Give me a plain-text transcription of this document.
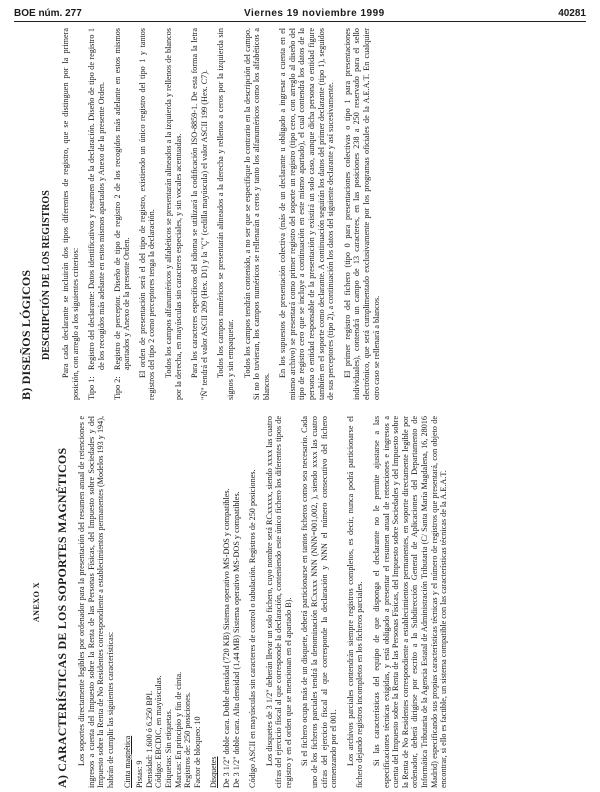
BOE núm. 277	Viernes 19 noviembre 1999	40281
ANEXO X A) CARACTERÍSTICAS DE LOS SOPORTES MAGNÉTICOS Los soportes directamente legibles por ordenador para la presentación del resumen anual de retenciones e ingresos a cuenta del Impuesto sobre la Renta de las Personas Físicas, del Impuesto sobre Sociedades y del Impuesto sobre la Renta de No Residentes correspondiente a establecimientos permanentes (Modelos 193 y 194), habrán de cumplir las siguientes características: Cinta magnética Pistas: 9 Densidad: 1.600 ó 6.250 BPI. Código: EBCDIC, en mayúsculas. Etiquetas: Sin etiquetas. Marcas: En principio y fin de cinta. Registros de: 250 posiciones. Factor de bloqueo: 10 Disquetes De 3 1/2" doble cara. Doble densidad (720 KB) Sistema operativo MS-DOS y compatibles. De 3 1/2" doble cara. Alta densidad (1,44 MB) Sistema operativo MS-DOS y compatibles. Código ASCII en mayúsculas sin caracteres de control o tabulación. Registros de 250 posiciones. Los disquetes de 3 1/2" deberán llevar un solo fichero, cuyo nombre será RCxxxxx, siendo xxxx las cuatro cifras del ejercicio fiscal al que corresponde la declaración, conteniendo este único fichero los diferentes tipos de registro y en el orden que se mencionan en el apartado B). Si el fichero ocupa más de un disquete, deberá particionarse en tantos ficheros como sea necesario. Cada uno de los ficheros parciales tendrá la denominación RCxxxx NNN (NNN=001,002, ), siendo xxxx las cuatro cifras del ejercicio fiscal al que corresponde la declaración y NNN el número consecutivo del fichero comenzando por el 001. Los archivos parciales contendrán siempre registros completos, es decir, nunca podrá particionarse el fichero dejando registros incompletos en los ficheros parciales. Si las características del equipo de que disponga el declarante no le permite ajustarse a las especificaciones técnicas exigidas, y está obligado a presentar el resumen anual de retenciones e ingresos a cuenta del Impuesto sobre la Renta de las Personas Físicas, del Impuesto sobre Sociedades y del Impuesto sobre la Renta de No Residentes correspondiente a establecimientos permanentes, en soporte directamente legible por ordenador, deberá dirigirse por escrito a la Subdirección General de Aplicaciones del Departamento de Informática Tributaria de la Agencia Estatal de Administración Tributaria (C/ Santa María Magdalena, 16, 28016 Madrid) especificando sus propias características técnicas y el número de registros que presentará, con objeto de encontrar, si ello es factible, un sistema compatible con las características técnicas de la A.E.A.T.

B) DISEÑOS LÓGICOS DESCRIPCIÓN DE LOS REGISTROS Para cada declarante se incluirán dos tipos diferentes de registro, que se distinguen por la primera posición, con arreglo a los siguientes criterios: Tipo 1:Registro del declarante: Datos identificativos y resumen de la declaración. Diseño de tipo de registro 1 de los recogidos más adelante en estos mismos apartados y Anexo de la presente Orden.
Tipo 2:Registro de perceptor. Diseño de tipo de registro 2 de los recogidos más adelante en estos mismos apartados y Anexo de la presente Orden. El orden de presentación será el del tipo de registro, existiendo un único registro del tipo 1 y tantos registros del tipo 2 como perceptores tenga la declaración. Todos los campos alfanuméricos y alfabéticos se presentarán alineados a la izquierda y rellenos de blancos por la derecha, en mayúsculas sin caracteres especiales, y sin vocales acentuadas. Para los caracteres específicos del idioma se utilizará la codificación ISO-8859-1. De esta forma la letra "Ñ" tendrá el valor ASCII 209 (Hex. D1) y la "Ç" (cedilla mayúscula) el valor ASCII 199 (Hex. C7). Todos los campos numéricos se presentarán alineados a la derecha y rellenos a ceros por la izquierda sin signos y sin empaquetar. Todos los campos tendrán contenido, a no ser que se especifique lo contrario en la descripción del campo. Si no lo tuvieran, los campos numéricos se rellenarán a ceros y tanto los alfanuméricos como los alfabéticos a blancos.

En los supuestos de presentación colectiva (más de un declarante u obligado a ingresar a cuenta en el mismo archivo) se presentará como primer registro del soporte un registro (tipo cero, con arreglo al diseño del tipo de registro cero que se incluye a continuación en este mismo apartado), el cual contendrá los datos de la persona o entidad responsable de la presentación y existirá un solo caso, aunque dicha persona o entidad figure también en el soporte como declarante. A continuación seguirán los datos del primer declarante (tipo 1), seguidos de sus perceptores (tipo 2), a continuación los datos del siguiente declarante y así sucesivamente. El primer registro del fichero (tipo 0 para presentaciones colectivas o tipo 1 para presentaciones individuales), contendrá un campo de 13 caracteres, en las posiciones 238 a 250 reservado para el sello electrónico, que será cumplimentado exclusivamente por los programas oficiales de la A.E.A.T. En cualquier otro caso se rellenará a blancos.
